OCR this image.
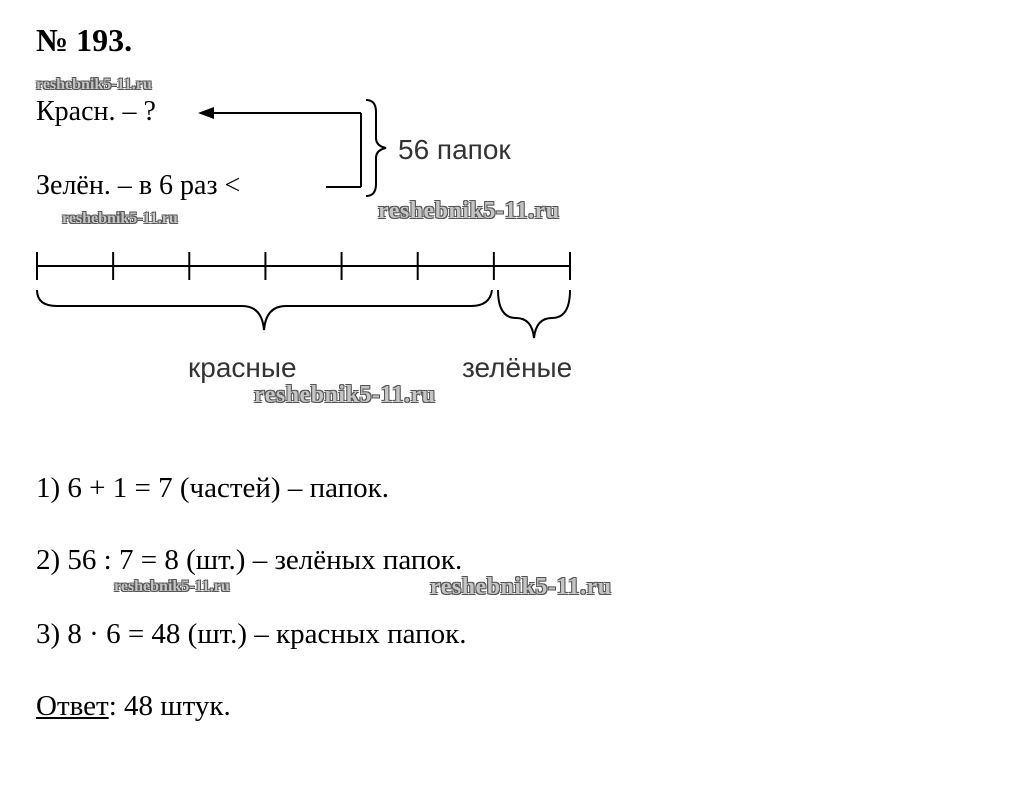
№ 193.
reshebnik5-11.ru
Красн. – ?
Зелён. – в 6 раз <
56 папок
reshebnik5-11.ru	reshebnik5-11.ru
красные	зелёные
reshebnik5-11.ru
1) 6 + 1 = 7 (частей) – папок.
2) 56 : 7 = 8 (шт.) – зелёных папок.
reshebnik5-11.ru	reshebnik5-11.ru
3) 8 · 6 = 48 (шт.) – красных папок.
Ответ: 48 штук.
